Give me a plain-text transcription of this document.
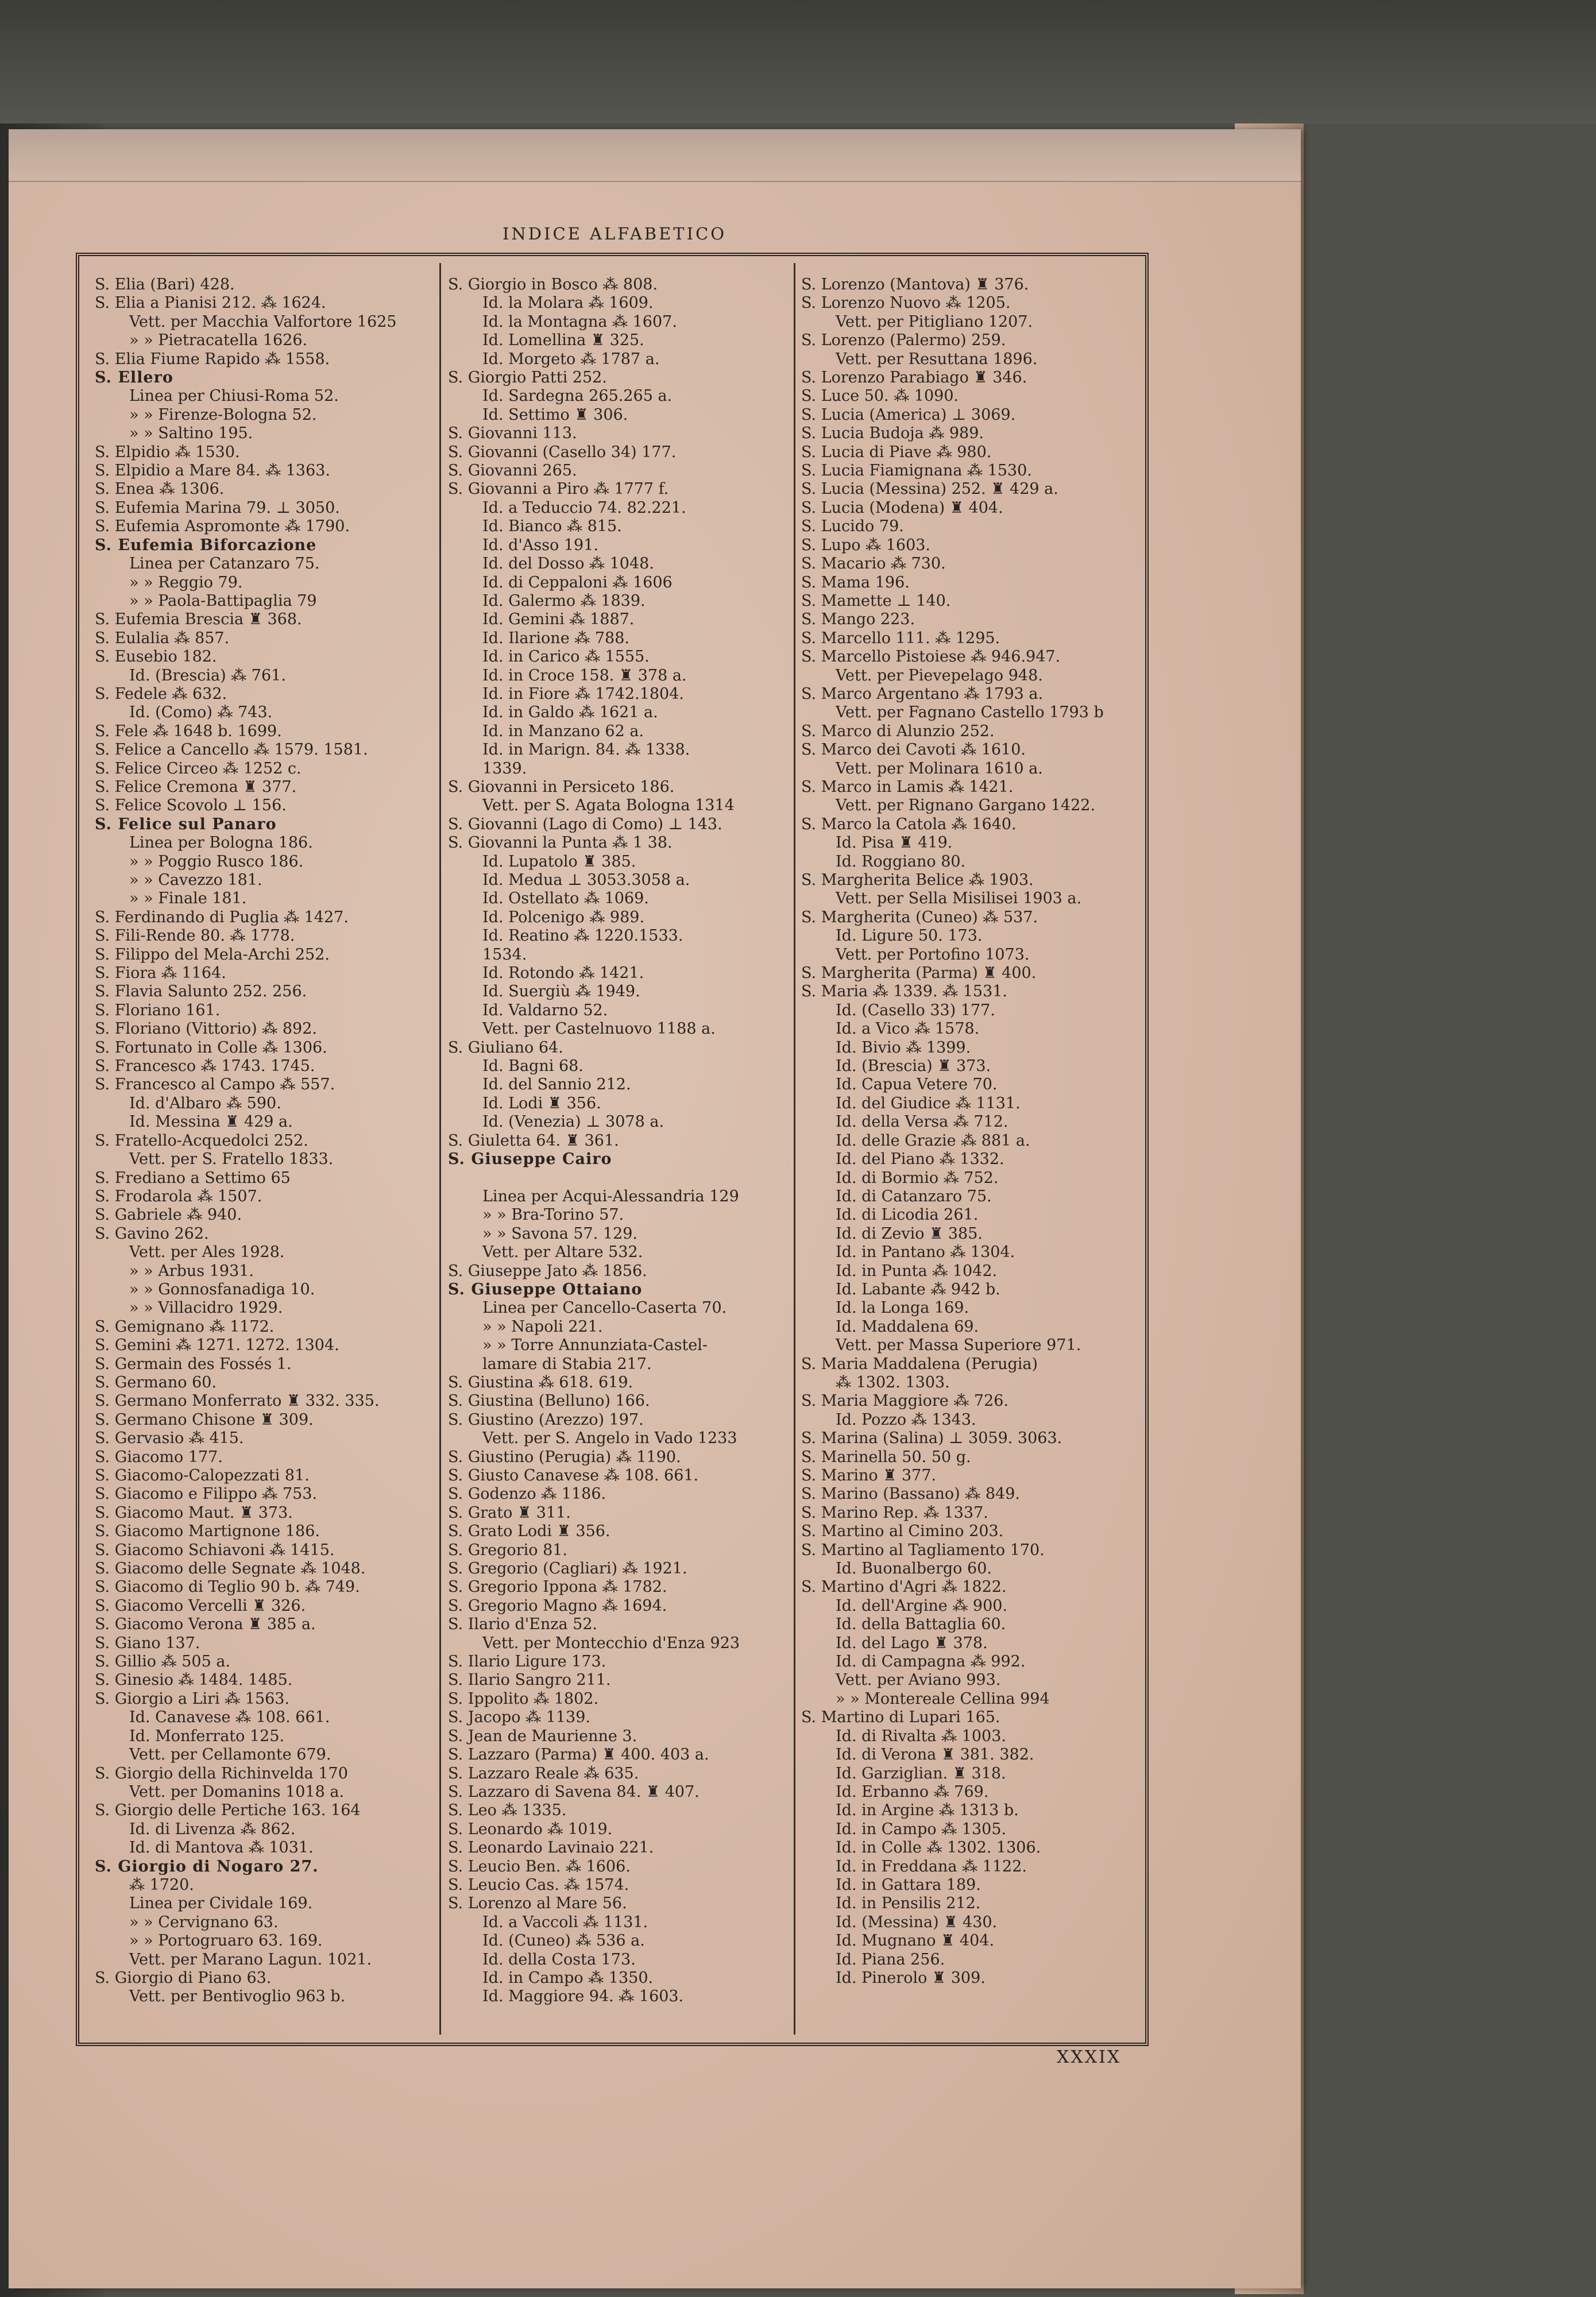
INDICE ALFABETICO
S. Elia (Bari) 428.
S. Elia a Pianisi 212. ⁂ 1624.
Vett. per Macchia Valfortore 1625
» » Pietracatella 1626.
S. Elia Fiume Rapido ⁂ 1558.
S. Ellero
Linea per Chiusi-Roma 52.
» » Firenze-Bologna 52.
» » Saltino 195.
S. Elpidio ⁂ 1530.
S. Elpidio a Mare 84. ⁂ 1363.
S. Enea ⁂ 1306.
S. Eufemia Marina 79. ⊥ 3050.
S. Eufemia Aspromonte ⁂ 1790.
S. Eufemia Biforcazione
Linea per Catanzaro 75.
» » Reggio 79.
» » Paola-Battipaglia 79
S. Eufemia Brescia ♜ 368.
S. Eulalia ⁂ 857.
S. Eusebio 182.
Id. (Brescia) ⁂ 761.
S. Fedele ⁂ 632.
Id. (Como) ⁂ 743.
S. Fele ⁂ 1648 b. 1699.
S. Felice a Cancello ⁂ 1579. 1581.
S. Felice Circeo ⁂ 1252 c.
S. Felice Cremona ♜ 377.
S. Felice Scovolo ⊥ 156.
S. Felice sul Panaro
Linea per Bologna 186.
» » Poggio Rusco 186.
» » Cavezzo 181.
» » Finale 181.
S. Ferdinando di Puglia ⁂ 1427.
S. Fili-Rende 80. ⁂ 1778.
S. Filippo del Mela-Archi 252.
S. Fiora ⁂ 1164.
S. Flavia Salunto 252. 256.
S. Floriano 161.
S. Floriano (Vittorio) ⁂ 892.
S. Fortunato in Colle ⁂ 1306.
S. Francesco ⁂ 1743. 1745.
S. Francesco al Campo ⁂ 557.
Id. d'Albaro ⁂ 590.
Id. Messina ♜ 429 a.
S. Fratello-Acquedolci 252.
Vett. per S. Fratello 1833.
S. Frediano a Settimo 65
S. Frodarola ⁂ 1507.
S. Gabriele ⁂ 940.
S. Gavino 262.
Vett. per Ales 1928.
» » Arbus 1931.
» » Gonnosfanadiga 10.
» » Villacidro 1929.
S. Gemignano ⁂ 1172.
S. Gemini ⁂ 1271. 1272. 1304.
S. Germain des Fossés 1.
S. Germano 60.
S. Germano Monferrato ♜ 332. 335.
S. Germano Chisone ♜ 309.
S. Gervasio ⁂ 415.
S. Giacomo 177.
S. Giacomo-Calopezzati 81.
S. Giacomo e Filippo ⁂ 753.
S. Giacomo Maut. ♜ 373.
S. Giacomo Martignone 186.
S. Giacomo Schiavoni ⁂ 1415.
S. Giacomo delle Segnate ⁂ 1048.
S. Giacomo di Teglio 90 b. ⁂ 749.
S. Giacomo Vercelli ♜ 326.
S. Giacomo Verona ♜ 385 a.
S. Giano 137.
S. Gillio ⁂ 505 a.
S. Ginesio ⁂ 1484. 1485.
S. Giorgio a Liri ⁂ 1563.
Id. Canavese ⁂ 108. 661.
Id. Monferrato 125.
Vett. per Cellamonte 679.
S. Giorgio della Richinvelda 170
Vett. per Domanins 1018 a.
S. Giorgio delle Pertiche 163. 164
Id. di Livenza ⁂ 862.
Id. di Mantova ⁂ 1031.
S. Giorgio di Nogaro 27.
⁂ 1720.
Linea per Cividale 169.
» » Cervignano 63.
» » Portogruaro 63. 169.
Vett. per Marano Lagun. 1021.
S. Giorgio di Piano 63.
Vett. per Bentivoglio 963 b.
S. Giorgio in Bosco ⁂ 808.
Id. la Molara ⁂ 1609.
Id. la Montagna ⁂ 1607.
Id. Lomellina ♜ 325.
Id. Morgeto ⁂ 1787 a.
S. Giorgio Patti 252.
Id. Sardegna 265.265 a.
Id. Settimo ♜ 306.
S. Giovanni 113.
S. Giovanni (Casello 34) 177.
S. Giovanni 265.
S. Giovanni a Piro ⁂ 1777 f.
Id. a Teduccio 74. 82.221.
Id. Bianco ⁂ 815.
Id. d'Asso 191.
Id. del Dosso ⁂ 1048.
Id. di Ceppaloni ⁂ 1606
Id. Galermo ⁂ 1839.
Id. Gemini ⁂ 1887.
Id. Ilarione ⁂ 788.
Id. in Carico ⁂ 1555.
Id. in Croce 158. ♜ 378 a.
Id. in Fiore ⁂ 1742.1804.
Id. in Galdo ⁂ 1621 a.
Id. in Manzano 62 a.
Id. in Marign. 84. ⁂ 1338.
1339.
S. Giovanni in Persiceto 186.
Vett. per S. Agata Bologna 1314
S. Giovanni (Lago di Como) ⊥ 143.
S. Giovanni la Punta ⁂ 1 38.
Id. Lupatolo ♜ 385.
Id. Medua ⊥ 3053.3058 a.
Id. Ostellato ⁂ 1069.
Id. Polcenigo ⁂ 989.
Id. Reatino ⁂ 1220.1533.
1534.
Id. Rotondo ⁂ 1421.
Id. Suergiù ⁂ 1949.
Id. Valdarno 52.
Vett. per Castelnuovo 1188 a.
S. Giuliano 64.
Id. Bagni 68.
Id. del Sannio 212.
Id. Lodi ♜ 356.
Id. (Venezia) ⊥ 3078 a.
S. Giuletta 64. ♜ 361.
S. Giuseppe Cairo

Linea per Acqui-Alessandria 129
» » Bra-Torino 57.
» » Savona 57. 129.
Vett. per Altare 532.
S. Giuseppe Jato ⁂ 1856.
S. Giuseppe Ottaiano
Linea per Cancello-Caserta 70.
» » Napoli 221.
» » Torre Annunziata-Castel-
lamare di Stabia 217.
S. Giustina ⁂ 618. 619.
S. Giustina (Belluno) 166.
S. Giustino (Arezzo) 197.
Vett. per S. Angelo in Vado 1233
S. Giustino (Perugia) ⁂ 1190.
S. Giusto Canavese ⁂ 108. 661.
S. Godenzo ⁂ 1186.
S. Grato ♜ 311.
S. Grato Lodi ♜ 356.
S. Gregorio 81.
S. Gregorio (Cagliari) ⁂ 1921.
S. Gregorio Ippona ⁂ 1782.
S. Gregorio Magno ⁂ 1694.
S. Ilario d'Enza 52.
Vett. per Montecchio d'Enza 923
S. Ilario Ligure 173.
S. Ilario Sangro 211.
S. Ippolito ⁂ 1802.
S. Jacopo ⁂ 1139.
S. Jean de Maurienne 3.
S. Lazzaro (Parma) ♜ 400. 403 a.
S. Lazzaro Reale ⁂ 635.
S. Lazzaro di Savena 84. ♜ 407.
S. Leo ⁂ 1335.
S. Leonardo ⁂ 1019.
S. Leonardo Lavinaio 221.
S. Leucio Ben. ⁂ 1606.
S. Leucio Cas. ⁂ 1574.
S. Lorenzo al Mare 56.
Id. a Vaccoli ⁂ 1131.
Id. (Cuneo) ⁂ 536 a.
Id. della Costa 173.
Id. in Campo ⁂ 1350.
Id. Maggiore 94. ⁂ 1603.
S. Lorenzo (Mantova) ♜ 376.
S. Lorenzo Nuovo ⁂ 1205.
Vett. per Pitigliano 1207.
S. Lorenzo (Palermo) 259.
Vett. per Resuttana 1896.
S. Lorenzo Parabiago ♜ 346.
S. Luce 50. ⁂ 1090.
S. Lucia (America) ⊥ 3069.
S. Lucia Budoja ⁂ 989.
S. Lucia di Piave ⁂ 980.
S. Lucia Fiamignana ⁂ 1530.
S. Lucia (Messina) 252. ♜ 429 a.
S. Lucia (Modena) ♜ 404.
S. Lucido 79.
S. Lupo ⁂ 1603.
S. Macario ⁂ 730.
S. Mama 196.
S. Mamette ⊥ 140.
S. Mango 223.
S. Marcello 111. ⁂ 1295.
S. Marcello Pistoiese ⁂ 946.947.
Vett. per Pievepelago 948.
S. Marco Argentano ⁂ 1793 a.
Vett. per Fagnano Castello 1793 b
S. Marco di Alunzio 252.
S. Marco dei Cavoti ⁂ 1610.
Vett. per Molinara 1610 a.
S. Marco in Lamis ⁂ 1421.
Vett. per Rignano Gargano 1422.
S. Marco la Catola ⁂ 1640.
Id. Pisa ♜ 419.
Id. Roggiano 80.
S. Margherita Belice ⁂ 1903.
Vett. per Sella Misilisei 1903 a.
S. Margherita (Cuneo) ⁂ 537.
Id. Ligure 50. 173.
Vett. per Portofino 1073.
S. Margherita (Parma) ♜ 400.
S. Maria ⁂ 1339. ⁂ 1531.
Id. (Casello 33) 177.
Id. a Vico ⁂ 1578.
Id. Bivio ⁂ 1399.
Id. (Brescia) ♜ 373.
Id. Capua Vetere 70.
Id. del Giudice ⁂ 1131.
Id. della Versa ⁂ 712.
Id. delle Grazie ⁂ 881 a.
Id. del Piano ⁂ 1332.
Id. di Bormio ⁂ 752.
Id. di Catanzaro 75.
Id. di Licodia 261.
Id. di Zevio ♜ 385.
Id. in Pantano ⁂ 1304.
Id. in Punta ⁂ 1042.
Id. Labante ⁂ 942 b.
Id. la Longa 169.
Id. Maddalena 69.
Vett. per Massa Superiore 971.
S. Maria Maddalena (Perugia)
⁂ 1302. 1303.
S. Maria Maggiore ⁂ 726.
Id. Pozzo ⁂ 1343.
S. Marina (Salina) ⊥ 3059. 3063.
S. Marinella 50. 50 g.
S. Marino ♜ 377.
S. Marino (Bassano) ⁂ 849.
S. Marino Rep. ⁂ 1337.
S. Martino al Cimino 203.
S. Martino al Tagliamento 170.
Id. Buonalbergo 60.
S. Martino d'Agri ⁂ 1822.
Id. dell'Argine ⁂ 900.
Id. della Battaglia 60.
Id. del Lago ♜ 378.
Id. di Campagna ⁂ 992.
Vett. per Aviano 993.
» » Montereale Cellina 994
S. Martino di Lupari 165.
Id. di Rivalta ⁂ 1003.
Id. di Verona ♜ 381. 382.
Id. Garziglian. ♜ 318.
Id. Erbanno ⁂ 769.
Id. in Argine ⁂ 1313 b.
Id. in Campo ⁂ 1305.
Id. in Colle ⁂ 1302. 1306.
Id. in Freddana ⁂ 1122.
Id. in Gattara 189.
Id. in Pensilis 212.
Id. (Messina) ♜ 430.
Id. Mugnano ♜ 404.
Id. Piana 256.
Id. Pinerolo ♜ 309.
XXXIX
